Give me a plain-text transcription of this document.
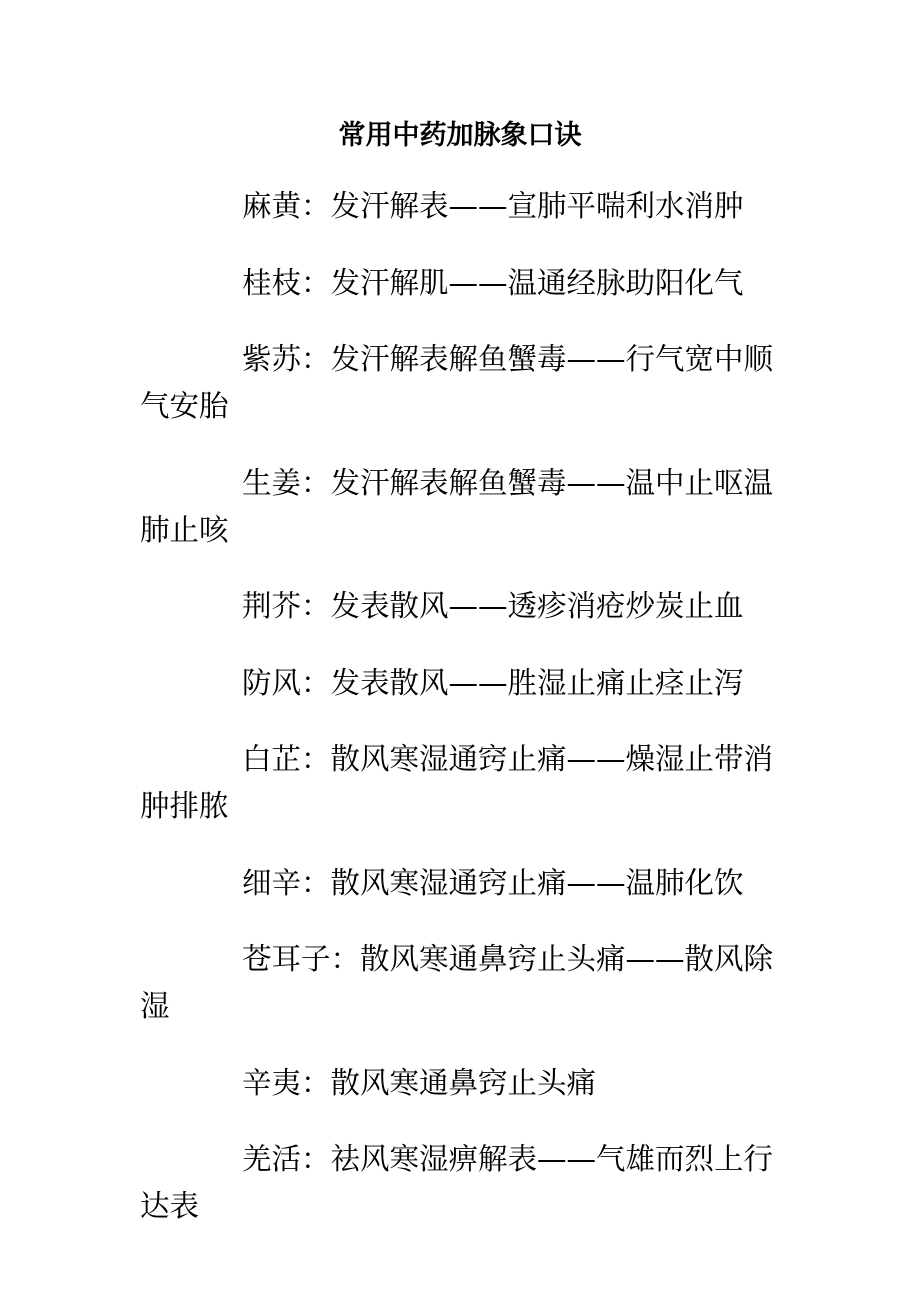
常用中药加脉象口诀

麻黄：发汗解表——宣肺平喘利水消肿

桂枝：发汗解肌——温通经脉助阳化气

紫苏：发汗解表解鱼蟹毒——行气宽中顺气安胎

生姜：发汗解表解鱼蟹毒——温中止呕温肺止咳

荆芥：发表散风——透疹消疮炒炭止血

防风：发表散风——胜湿止痛止痉止泻

白芷：散风寒湿通窍止痛——燥湿止带消肿排脓

细辛：散风寒湿通窍止痛——温肺化饮

苍耳子：散风寒通鼻窍止头痛——散风除湿

辛夷：散风寒通鼻窍止头痛

羌活：祛风寒湿痹解表——气雄而烈上行达表
